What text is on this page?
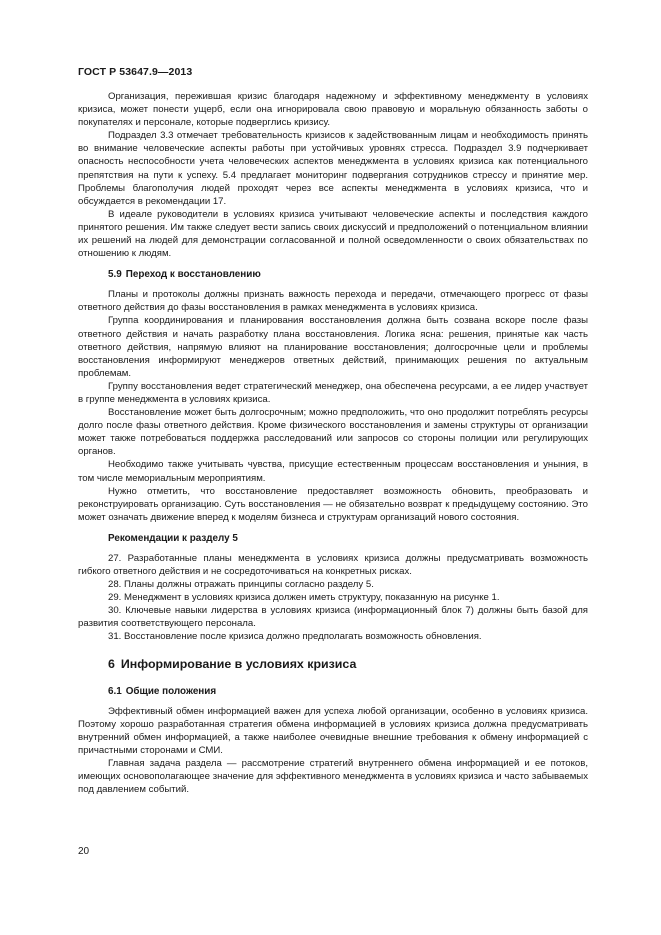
ГОСТ Р 53647.9—2013

Организация, пережившая кризис благодаря надежному и эффективному менеджменту в условиях кризиса, может понести ущерб, если она игнорировала свою правовую и моральную обязанность заботы о покупателях и персонале, которые подверглись кризису.

Подраздел 3.3 отмечает требовательность кризисов к задействованным лицам и необходимость принять во внимание человеческие аспекты работы при устойчивых уровнях стресса. Подраздел 3.9 подчеркивает опасность неспособности учета человеческих аспектов менеджмента в условиях кризиса как потенциального препятствия на пути к успеху. 5.4 предлагает мониторинг подвергания сотрудников стрессу и принятие мер. Проблемы благополучия людей проходят через все аспекты менеджмента в условиях кризиса, что и обсуждается в рекомендации 17.

В идеале руководители в условиях кризиса учитывают человеческие аспекты и последствия каждого принятого решения. Им также следует вести запись своих дискуссий и предположений о потенциальном влиянии их решений на людей для демонстрации согласованной и полной осведомленности о своих обязательствах по отношению к людям.

5.9 Переход к восстановлению

Планы и протоколы должны признать важность перехода и передачи, отмечающего прогресс от фазы ответного действия до фазы восстановления в рамках менеджмента в условиях кризиса.

Группа координирования и планирования восстановления должна быть созвана вскоре после фазы ответного действия и начать разработку плана восстановления. Логика ясна: решения, принятые как часть ответного действия, напрямую влияют на планирование восстановления; долгосрочные цели и проблемы восстановления информируют менеджеров ответных действий, принимающих решения по актуальным проблемам.

Группу восстановления ведет стратегический менеджер, она обеспечена ресурсами, а ее лидер участвует в группе менеджмента в условиях кризиса.

Восстановление может быть долгосрочным; можно предположить, что оно продолжит потреблять ресурсы долго после фазы ответного действия. Кроме физического восстановления и замены структуры от организации может также потребоваться поддержка расследований или запросов со стороны полиции или регулирующих органов.

Необходимо также учитывать чувства, присущие естественным процессам восстановления и уныния, в том числе мемориальным мероприятиям.

Нужно отметить, что восстановление предоставляет возможность обновить, преобразовать и реконструировать организацию. Суть восстановления — не обязательно возврат к предыдущему состоянию. Это может означать движение вперед к моделям бизнеса и структурам организаций нового состояния.

Рекомендации к разделу 5

27. Разработанные планы менеджмента в условиях кризиса должны предусматривать возможность гибкого ответного действия и не сосредоточиваться на конкретных рисках.

28. Планы должны отражать принципы согласно разделу 5.

29. Менеджмент в условиях кризиса должен иметь структуру, показанную на рисунке 1.

30. Ключевые навыки лидерства в условиях кризиса (информационный блок 7) должны быть базой для развития соответствующего персонала.

31. Восстановление после кризиса должно предполагать возможность обновления.

6 Информирование в условиях кризиса
6.1 Общие положения

Эффективный обмен информацией важен для успеха любой организации, особенно в условиях кризиса. Поэтому хорошо разработанная стратегия обмена информацией в условиях кризиса должна предусматривать внутренний обмен информацией, а также наиболее очевидные внешние требования к обмену информацией с причастными сторонами и СМИ.

Главная задача раздела — рассмотрение стратегий внутреннего обмена информацией и ее потоков, имеющих основополагающее значение для эффективного менеджмента в условиях кризиса и часто забываемых под давлением событий.

20
